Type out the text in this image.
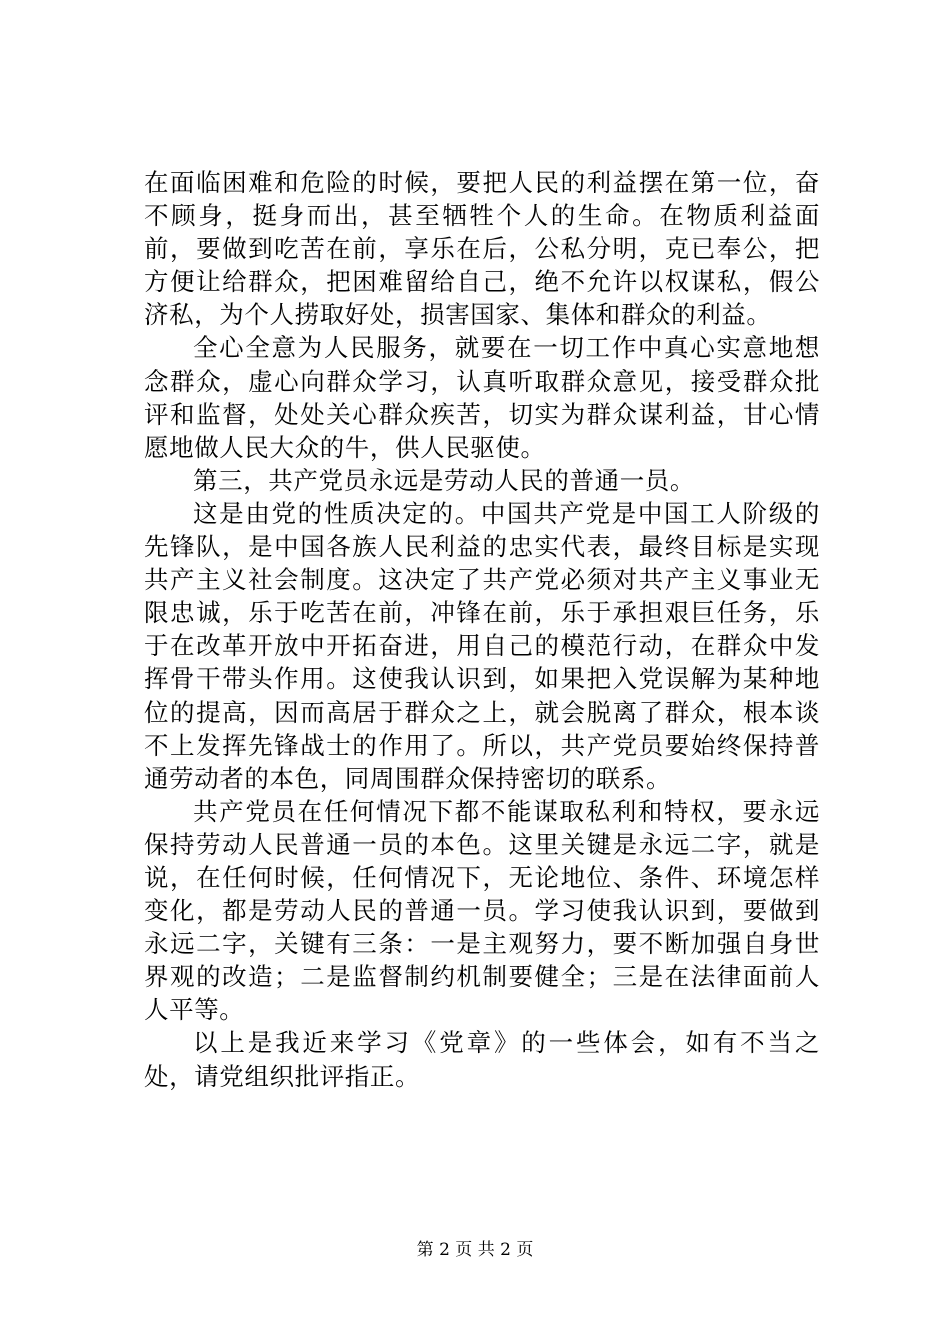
在面临困难和危险的时候，要把人民的利益摆在第一位，奋不顾身，挺身而出，甚至牺牲个人的生命。在物质利益面前，要做到吃苦在前，享乐在后，公私分明，克已奉公，把方便让给群众，把困难留给自己，绝不允许以权谋私，假公济私，为个人捞取好处，损害国家、集体和群众的利益。

全心全意为人民服务，就要在一切工作中真心实意地想念群众，虚心向群众学习，认真听取群众意见，接受群众批评和监督，处处关心群众疾苦，切实为群众谋利益，甘心情愿地做人民大众的牛，供人民驱使。

第三，共产党员永远是劳动人民的普通一员。

这是由党的性质决定的。中国共产党是中国工人阶级的先锋队，是中国各族人民利益的忠实代表，最终目标是实现共产主义社会制度。这决定了共产党必须对共产主义事业无限忠诚，乐于吃苦在前，冲锋在前，乐于承担艰巨任务，乐于在改革开放中开拓奋进，用自己的模范行动，在群众中发挥骨干带头作用。这使我认识到，如果把入党误解为某种地位的提高，因而高居于群众之上，就会脱离了群众，根本谈不上发挥先锋战士的作用了。所以，共产党员要始终保持普通劳动者的本色，同周围群众保持密切的联系。

共产党员在任何情况下都不能谋取私利和特权，要永远保持劳动人民普通一员的本色。这里关键是永远二字，就是说，在任何时候，任何情况下，无论地位、条件、环境怎样变化，都是劳动人民的普通一员。学习使我认识到，要做到永远二字，关键有三条：一是主观努力，要不断加强自身世界观的改造；二是监督制约机制要健全；三是在法律面前人人平等。

以上是我近来学习《党章》的一些体会，如有不当之处，请党组织批评指正。

第 2 页 共 2 页
